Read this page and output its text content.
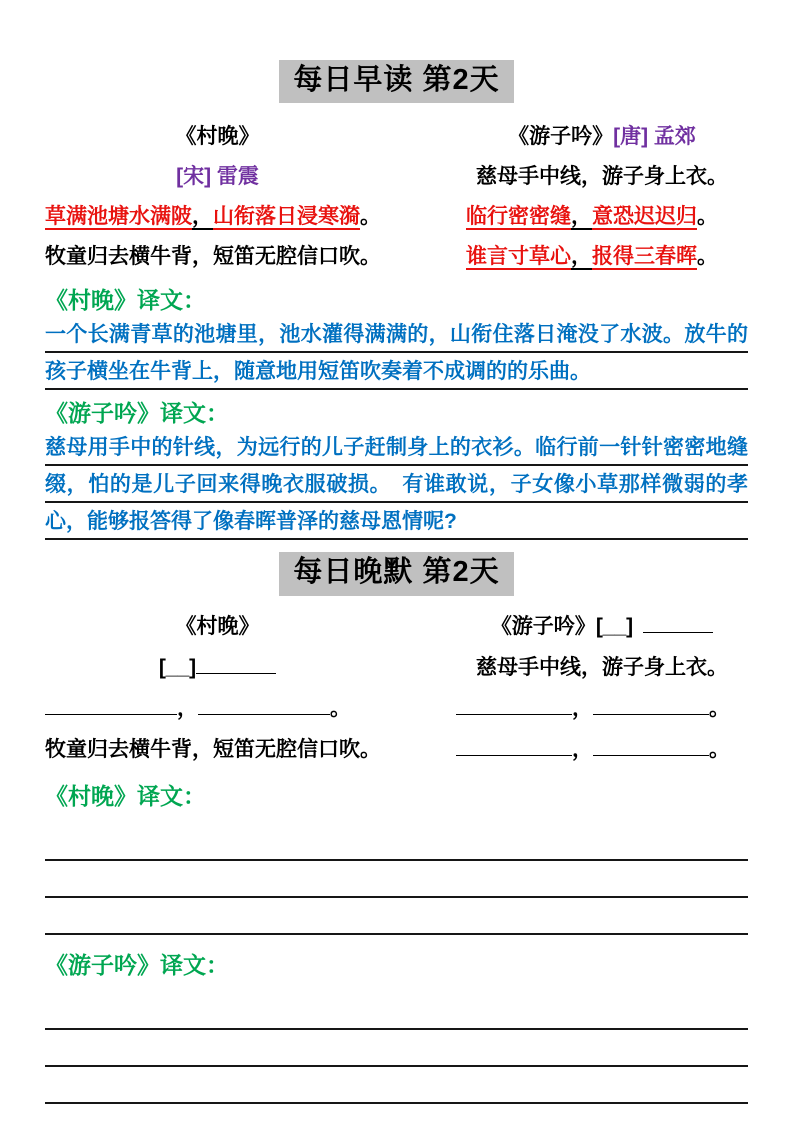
每日早读 第2天
《村晚》
[宋] 雷震
草满池塘水满陂，山衔落日浸寒漪。
牧童归去横牛背，短笛无腔信口吹。
《游子吟》[唐] 孟郊
慈母手中线，游子身上衣。
临行密密缝，意恐迟迟归。
谁言寸草心，报得三春晖。
《村晚》译文：
一个长满青草的池塘里，池水灌得满满的，山衔住落日淹没了水波。放牛的孩子横坐在牛背上，随意地用短笛吹奏着不成调的的乐曲。
《游子吟》译文：
慈母用手中的针线，为远行的儿子赶制身上的衣衫。临行前一针针密密地缝缀，怕的是儿子回来得晚衣服破损。　有谁敢说，子女像小草那样微弱的孝心，能够报答得了像春晖普泽的慈母恩情呢?
每日晚默 第2天
《村晚》
[__]
，	。
牧童归去横牛背，短笛无腔信口吹。
《游子吟》[__]
慈母手中线，游子身上衣。
，	。
，	。
《村晚》译文：
《游子吟》译文：
